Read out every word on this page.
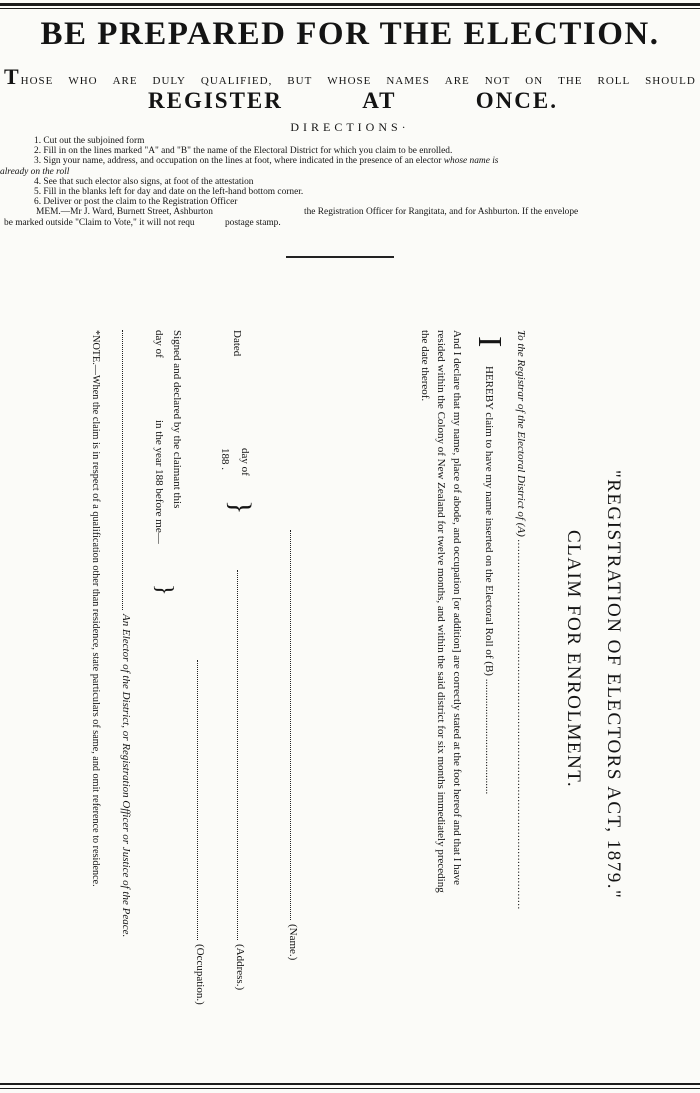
BE PREPARED FOR THE ELECTION.

T HOSE WHO ARE DULY QUALIFIED, BUT WHOSE NAMES ARE NOT ON THE ROLL SHOULD

REGISTER	AT	ONCE.

DIRECTIONS·

1. Cut out the subjoined form
2. Fill in on the lines marked "A" and "B" the name of the Electoral District for which you claim to be enrolled.
3. Sign your name, address, and occupation on the lines at foot, where indicated in the presence of an elector whose name is
already on the roll
4. See that such elector also signs, at foot of the attestation
5. Fill in the blanks left for day and date on the left-hand bottom corner.
6. Deliver or post the claim to the Registration Officer
MEM.—Mr J. Ward, Burnett Street, Ashburton	the Registration Officer for Rangitata, and for Ashburton. If the envelope
be marked outside "Claim to Vote," it will not requ	postage stamp.
"REGISTRATION OF ELECTORS ACT, 1879."
CLAIM FOR ENROLMENT.
To the Registrar of the Electoral District of (A) ..................................................................................................................
I
HEREBY claim to have my name inserted on the Electoral Roll of (B) ..........................................
And I declare that my name, place of abode, and occupation [or addition] are correctly stated at the foot hereof and that I have
resided within the Colony of New Zealand for twelve months, and within the said district for six months immediately preceding
the date thereof.
(Name.)
Dated
day of
188 .
}
(Address.)
(Occupation.)
Signed and declared by the claimant this
day of
in the year 188 before me—
}
An Elector of the District, or Registration Officer or Justice of the Peace.
*NOTE.—When the claim is in respect of a qualification other than residence, state particulars of same, and omit reference to residence.
